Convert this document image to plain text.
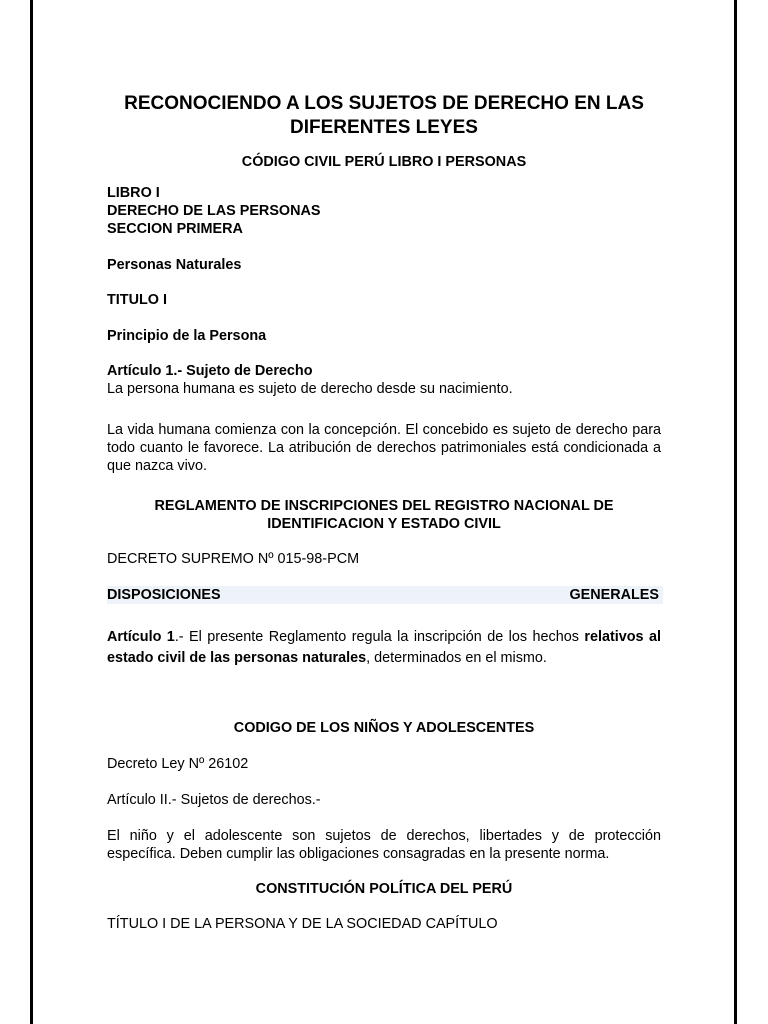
RECONOCIENDO A LOS SUJETOS DE DERECHO EN LAS DIFERENTES LEYES

CÓDIGO CIVIL PERÚ LIBRO I PERSONAS

LIBRO I

DERECHO DE LAS PERSONAS

SECCION PRIMERA

Personas Naturales

TITULO I

Principio de la Persona

Artículo 1.- Sujeto de Derecho

La persona humana es sujeto de derecho desde su nacimiento.

La vida humana comienza con la concepción. El concebido es sujeto de derecho para todo cuanto le favorece. La atribución de derechos patrimoniales está condicionada a que nazca vivo.

REGLAMENTO DE INSCRIPCIONES DEL REGISTRO NACIONAL DE IDENTIFICACION Y ESTADO CIVIL

DECRETO SUPREMO Nº 015-98-PCM

DISPOSICIONES	GENERALES

Artículo 1.- El presente Reglamento regula la inscripción de los hechos relativos al estado civil de las personas naturales, determinados en el mismo.

CODIGO DE LOS NIÑOS Y ADOLESCENTES

Decreto Ley Nº 26102

Artículo II.- Sujetos de derechos.-

El niño y el adolescente son sujetos de derechos, libertades y de protección específica. Deben cumplir las obligaciones consagradas en la presente norma.

CONSTITUCIÓN POLÍTICA DEL PERÚ

TÍTULO I DE LA PERSONA Y DE LA SOCIEDAD CAPÍTULO
